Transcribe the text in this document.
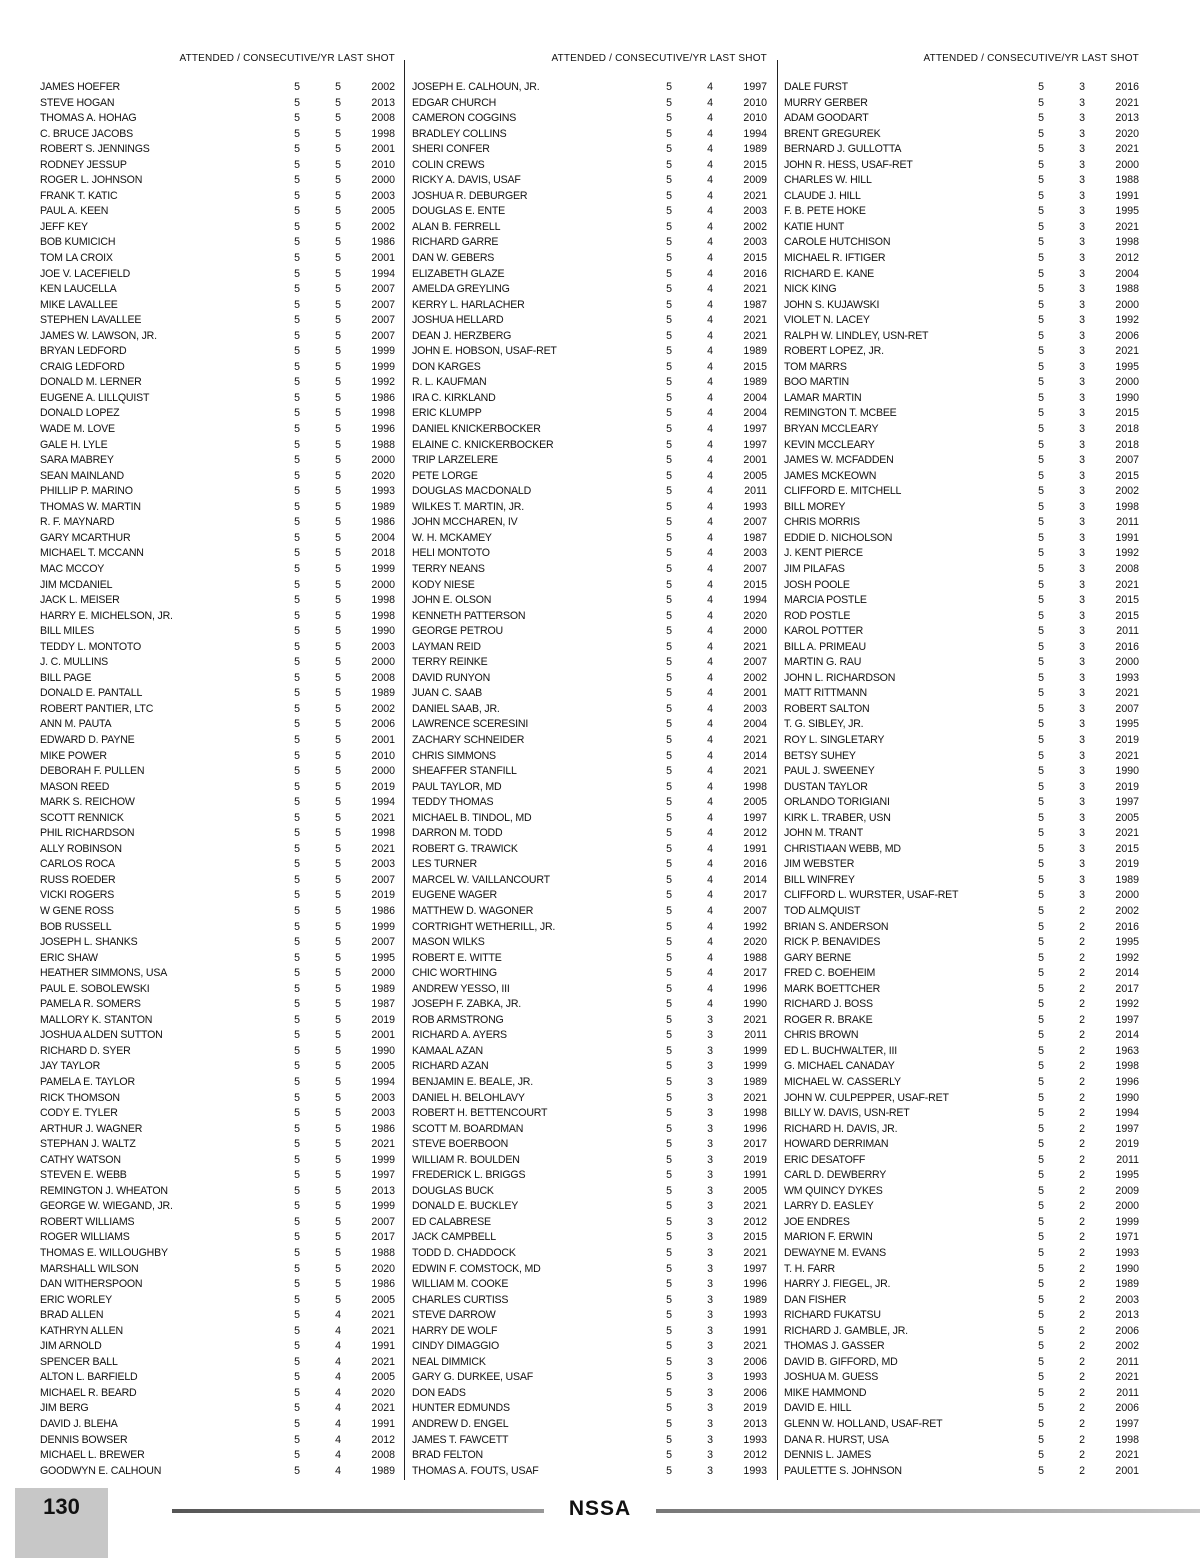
ATTENDED / CONSECUTIVE/YR LAST SHOT
JAMES HOEFER	5	5	2002
STEVE HOGAN	5	5	2013
THOMAS A. HOHAG	5	5	2008
C. BRUCE JACOBS	5	5	1998
ROBERT S. JENNINGS	5	5	2001
RODNEY JESSUP	5	5	2010
ROGER L. JOHNSON	5	5	2000
FRANK T. KATIC	5	5	2003
PAUL A. KEEN	5	5	2005
JEFF KEY	5	5	2002
BOB KUMICICH	5	5	1986
TOM LA CROIX	5	5	2001
JOE V. LACEFIELD	5	5	1994
KEN LAUCELLA	5	5	2007
MIKE LAVALLEE	5	5	2007
STEPHEN LAVALLEE	5	5	2007
JAMES W. LAWSON, JR.	5	5	2007
BRYAN LEDFORD	5	5	1999
CRAIG LEDFORD	5	5	1999
DONALD M. LERNER	5	5	1992
EUGENE A. LILLQUIST	5	5	1986
DONALD LOPEZ	5	5	1998
WADE M. LOVE	5	5	1996
GALE H. LYLE	5	5	1988
SARA MABREY	5	5	2000
SEAN MAINLAND	5	5	2020
PHILLIP P. MARINO	5	5	1993
THOMAS W. MARTIN	5	5	1989
R. F. MAYNARD	5	5	1986
GARY MCARTHUR	5	5	2004
MICHAEL T. MCCANN	5	5	2018
MAC MCCOY	5	5	1999
JIM MCDANIEL	5	5	2000
JACK L. MEISER	5	5	1998
HARRY E. MICHELSON, JR.	5	5	1998
BILL MILES	5	5	1990
TEDDY L. MONTOTO	5	5	2003
J. C. MULLINS	5	5	2000
BILL PAGE	5	5	2008
DONALD E. PANTALL	5	5	1989
ROBERT PANTIER, LTC	5	5	2002
ANN M. PAUTA	5	5	2006
EDWARD D. PAYNE	5	5	2001
MIKE POWER	5	5	2010
DEBORAH F. PULLEN	5	5	2000
MASON REED	5	5	2019
MARK S. REICHOW	5	5	1994
SCOTT RENNICK	5	5	2021
PHIL RICHARDSON	5	5	1998
ALLY ROBINSON	5	5	2021
CARLOS ROCA	5	5	2003
RUSS ROEDER	5	5	2007
VICKI ROGERS	5	5	2019
W GENE ROSS	5	5	1986
BOB RUSSELL	5	5	1999
JOSEPH L. SHANKS	5	5	2007
ERIC SHAW	5	5	1995
HEATHER SIMMONS, USA	5	5	2000
PAUL E. SOBOLEWSKI	5	5	1989
PAMELA R. SOMERS	5	5	1987
MALLORY K. STANTON	5	5	2019
JOSHUA ALDEN SUTTON	5	5	2001
RICHARD D. SYER	5	5	1990
JAY TAYLOR	5	5	2005
PAMELA E. TAYLOR	5	5	1994
RICK THOMSON	5	5	2003
CODY E. TYLER	5	5	2003
ARTHUR J. WAGNER	5	5	1986
STEPHAN J. WALTZ	5	5	2021
CATHY WATSON	5	5	1999
STEVEN E. WEBB	5	5	1997
REMINGTON J. WHEATON	5	5	2013
GEORGE W. WIEGAND, JR.	5	5	1999
ROBERT WILLIAMS	5	5	2007
ROGER WILLIAMS	5	5	2017
THOMAS E. WILLOUGHBY	5	5	1988
MARSHALL WILSON	5	5	2020
DAN WITHERSPOON	5	5	1986
ERIC WORLEY	5	5	2005
BRAD ALLEN	5	4	2021
KATHRYN ALLEN	5	4	2021
JIM ARNOLD	5	4	1991
SPENCER BALL	5	4	2021
ALTON L. BARFIELD	5	4	2005
MICHAEL R. BEARD	5	4	2020
JIM BERG	5	4	2021
DAVID J. BLEHA	5	4	1991
DENNIS BOWSER	5	4	2012
MICHAEL L. BREWER	5	4	2008
GOODWYN E. CALHOUN	5	4	1989
ATTENDED / CONSECUTIVE/YR LAST SHOT
JOSEPH E. CALHOUN, JR.	5	4	1997
EDGAR CHURCH	5	4	2010
CAMERON COGGINS	5	4	2010
BRADLEY COLLINS	5	4	1994
SHERI CONFER	5	4	1989
COLIN CREWS	5	4	2015
RICKY A. DAVIS, USAF	5	4	2009
JOSHUA R. DEBURGER	5	4	2021
DOUGLAS E. ENTE	5	4	2003
ALAN B. FERRELL	5	4	2002
RICHARD GARRE	5	4	2003
DAN W. GEBERS	5	4	2015
ELIZABETH GLAZE	5	4	2016
AMELDA GREYLING	5	4	2021
KERRY L. HARLACHER	5	4	1987
JOSHUA HELLARD	5	4	2021
DEAN J. HERZBERG	5	4	2021
JOHN E. HOBSON, USAF-RET	5	4	1989
DON KARGES	5	4	2015
R. L. KAUFMAN	5	4	1989
IRA C. KIRKLAND	5	4	2004
ERIC KLUMPP	5	4	2004
DANIEL KNICKERBOCKER	5	4	1997
ELAINE C. KNICKERBOCKER	5	4	1997
TRIP LARZELERE	5	4	2001
PETE LORGE	5	4	2005
DOUGLAS MACDONALD	5	4	2011
WILKES T. MARTIN, JR.	5	4	1993
JOHN MCCHAREN, IV	5	4	2007
W. H. MCKAMEY	5	4	1987
HELI MONTOTO	5	4	2003
TERRY NEANS	5	4	2007
KODY NIESE	5	4	2015
JOHN E. OLSON	5	4	1994
KENNETH PATTERSON	5	4	2020
GEORGE PETROU	5	4	2000
LAYMAN REID	5	4	2021
TERRY REINKE	5	4	2007
DAVID RUNYON	5	4	2002
JUAN C. SAAB	5	4	2001
DANIEL SAAB, JR.	5	4	2003
LAWRENCE SCERESINI	5	4	2004
ZACHARY SCHNEIDER	5	4	2021
CHRIS SIMMONS	5	4	2014
SHEAFFER STANFILL	5	4	2021
PAUL TAYLOR, MD	5	4	1998
TEDDY THOMAS	5	4	2005
MICHAEL B. TINDOL, MD	5	4	1997
DARRON M. TODD	5	4	2012
ROBERT G. TRAWICK	5	4	1991
LES TURNER	5	4	2016
MARCEL W. VAILLANCOURT	5	4	2014
EUGENE WAGER	5	4	2017
MATTHEW D. WAGONER	5	4	2007
CORTRIGHT WETHERILL, JR.	5	4	1992
MASON WILKS	5	4	2020
ROBERT E. WITTE	5	4	1988
CHIC WORTHING	5	4	2017
ANDREW YESSO, III	5	4	1996
JOSEPH F. ZABKA, JR.	5	4	1990
ROB ARMSTRONG	5	3	2021
RICHARD A. AYERS	5	3	2011
KAMAAL AZAN	5	3	1999
RICHARD AZAN	5	3	1999
BENJAMIN E. BEALE, JR.	5	3	1989
DANIEL H. BELOHLAVY	5	3	2021
ROBERT H. BETTENCOURT	5	3	1998
SCOTT M. BOARDMAN	5	3	1996
STEVE BOERBOON	5	3	2017
WILLIAM R. BOULDEN	5	3	2019
FREDERICK L. BRIGGS	5	3	1991
DOUGLAS BUCK	5	3	2005
DONALD E. BUCKLEY	5	3	2021
ED CALABRESE	5	3	2012
JACK CAMPBELL	5	3	2015
TODD D. CHADDOCK	5	3	2021
EDWIN F. COMSTOCK, MD	5	3	1997
WILLIAM M. COOKE	5	3	1996
CHARLES CURTISS	5	3	1989
STEVE DARROW	5	3	1993
HARRY DE WOLF	5	3	1991
CINDY DIMAGGIO	5	3	2021
NEAL DIMMICK	5	3	2006
GARY G. DURKEE, USAF	5	3	1993
DON EADS	5	3	2006
HUNTER EDMUNDS	5	3	2019
ANDREW D. ENGEL	5	3	2013
JAMES T. FAWCETT	5	3	1993
BRAD FELTON	5	3	2012
THOMAS A. FOUTS, USAF	5	3	1993
ATTENDED / CONSECUTIVE/YR LAST SHOT
DALE FURST	5	3	2016
MURRY GERBER	5	3	2021
ADAM GOODART	5	3	2013
BRENT GREGUREK	5	3	2020
BERNARD J. GULLOTTA	5	3	2021
JOHN R. HESS, USAF-RET	5	3	2000
CHARLES W. HILL	5	3	1988
CLAUDE J. HILL	5	3	1991
F. B. PETE HOKE	5	3	1995
KATIE HUNT	5	3	2021
CAROLE HUTCHISON	5	3	1998
MICHAEL R. IFTIGER	5	3	2012
RICHARD E. KANE	5	3	2004
NICK KING	5	3	1988
JOHN S. KUJAWSKI	5	3	2000
VIOLET N. LACEY	5	3	1992
RALPH W. LINDLEY, USN-RET	5	3	2006
ROBERT LOPEZ, JR.	5	3	2021
TOM MARRS	5	3	1995
BOO MARTIN	5	3	2000
LAMAR MARTIN	5	3	1990
REMINGTON T. MCBEE	5	3	2015
BRYAN MCCLEARY	5	3	2018
KEVIN MCCLEARY	5	3	2018
JAMES W. MCFADDEN	5	3	2007
JAMES MCKEOWN	5	3	2015
CLIFFORD E. MITCHELL	5	3	2002
BILL MOREY	5	3	1998
CHRIS MORRIS	5	3	2011
EDDIE D. NICHOLSON	5	3	1991
J. KENT PIERCE	5	3	1992
JIM PILAFAS	5	3	2008
JOSH POOLE	5	3	2021
MARCIA POSTLE	5	3	2015
ROD POSTLE	5	3	2015
KAROL POTTER	5	3	2011
BILL A. PRIMEAU	5	3	2016
MARTIN G. RAU	5	3	2000
JOHN L. RICHARDSON	5	3	1993
MATT RITTMANN	5	3	2021
ROBERT SALTON	5	3	2007
T. G. SIBLEY, JR.	5	3	1995
ROY L. SINGLETARY	5	3	2019
BETSY SUHEY	5	3	2021
PAUL J. SWEENEY	5	3	1990
DUSTAN TAYLOR	5	3	2019
ORLANDO TORIGIANI	5	3	1997
KIRK L. TRABER, USN	5	3	2005
JOHN M. TRANT	5	3	2021
CHRISTIAAN WEBB, MD	5	3	2015
JIM WEBSTER	5	3	2019
BILL WINFREY	5	3	1989
CLIFFORD L. WURSTER, USAF-RET	5	3	2000
TOD ALMQUIST	5	2	2002
BRIAN S. ANDERSON	5	2	2016
RICK P. BENAVIDES	5	2	1995
GARY BERNE	5	2	1992
FRED C. BOEHEIM	5	2	2014
MARK BOETTCHER	5	2	2017
RICHARD J. BOSS	5	2	1992
ROGER R. BRAKE	5	2	1997
CHRIS BROWN	5	2	2014
ED L. BUCHWALTER, III	5	2	1963
G. MICHAEL CANADAY	5	2	1998
MICHAEL W. CASSERLY	5	2	1996
JOHN W. CULPEPPER, USAF-RET	5	2	1990
BILLY W. DAVIS, USN-RET	5	2	1994
RICHARD H. DAVIS, JR.	5	2	1997
HOWARD DERRIMAN	5	2	2019
ERIC DESATOFF	5	2	2011
CARL D. DEWBERRY	5	2	1995
WM QUINCY DYKES	5	2	2009
LARRY D. EASLEY	5	2	2000
JOE ENDRES	5	2	1999
MARION F. ERWIN	5	2	1971
DEWAYNE M. EVANS	5	2	1993
T. H. FARR	5	2	1990
HARRY J. FIEGEL, JR.	5	2	1989
DAN FISHER	5	2	2003
RICHARD FUKATSU	5	2	2013
RICHARD J. GAMBLE, JR.	5	2	2006
THOMAS J. GASSER	5	2	2002
DAVID B. GIFFORD, MD	5	2	2011
JOSHUA M. GUESS	5	2	2021
MIKE HAMMOND	5	2	2011
DAVID E. HILL	5	2	2006
GLENN W. HOLLAND, USAF-RET	5	2	1997
DANA R. HURST, USA	5	2	1998
DENNIS L. JAMES	5	2	2021
PAULETTE S. JOHNSON	5	2	2001
130	NSSA
